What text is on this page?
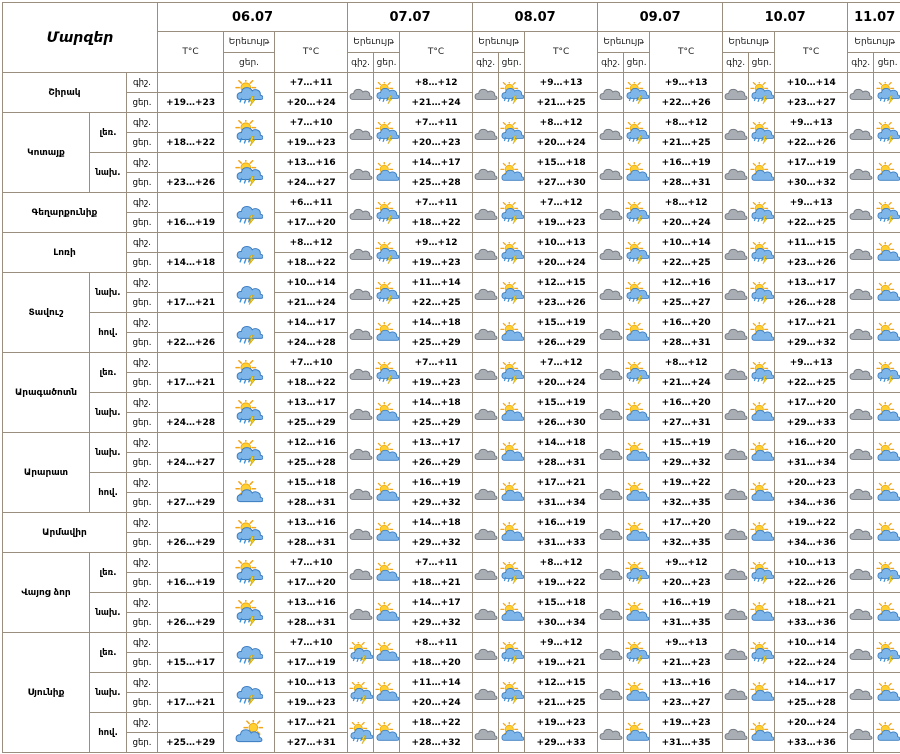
Մարզեր			06.07			07.07			08.07			09.07			10.07			11.07	
			T°C	Երեւույթ	T°C	Երեւույթ		T°C	Երեւույթ		T°C	Երեւույթ		T°C	Երեւույթ		T°C	Երեւույթ	
				ցեր.		գիշ.	ցեր.		գիշ.	ցեր.		գիշ.	ցեր.		գիշ.	ցեր.		գիշ.	ցեր.
Շիրակ		գիշ.			+7…+11			+8…+12			+9…+13			+9…+13			+10…+14	

		ցեր.	+19…+23		+20…+24			+21…+24			+21…+25			+22…+26			+23…+27		
Կոտայք	լեռ.	գիշ.			+7…+10			+7…+11			+8…+12			+8…+12			+9…+13	

		ցեր.	+18…+22		+19…+23			+20…+23			+20…+24			+21…+25			+22…+26		
	նախ.	գիշ.			+13…+16			+14…+17			+15…+18			+16…+19			+17…+19	

		ցեր.	+23…+26		+24…+27			+25…+28			+27…+30			+28…+31			+30…+32		
Գեղարքունիք		գիշ.			+6…+11			+7…+11			+7…+12			+8…+12			+9…+13	

		ցեր.	+16…+19		+17…+20			+18…+22			+19…+23			+20…+24			+22…+25		
Լոռի		գիշ.			+8…+12			+9…+12			+10…+13			+10…+14			+11…+15	

		ցեր.	+14…+18		+18…+22			+19…+23			+20…+24			+22…+25			+23…+26		
Տավուշ	նախ.	գիշ.			+10…+14			+11…+14			+12…+15			+12…+16			+13…+17	

		ցեր.	+17…+21		+21…+24			+22…+25			+23…+26			+25…+27			+26…+28		
	հով.	գիշ.			+14…+17			+14…+18			+15…+19			+16…+20			+17…+21	

		ցեր.	+22…+26		+24…+28			+25…+29			+26…+29			+28…+31			+29…+32		
Արագածոտն	լեռ.	գիշ.			+7…+10			+7…+11			+7…+12			+8…+12			+9…+13	

		ցեր.	+17…+21		+18…+22			+19…+23			+20…+24			+21…+24			+22…+25		
	նախ.	գիշ.			+13…+17			+14…+18			+15…+19			+16…+20			+17…+20	

		ցեր.	+24…+28		+25…+29			+25…+29			+26…+30			+27…+31			+29…+33		
Արարատ	նախ.	գիշ.			+12…+16			+13…+17			+14…+18			+15…+19			+16…+20	

		ցեր.	+24…+27		+25…+28			+26…+29			+28…+31			+29…+32			+31…+34		
	հով.	գիշ.			+15…+18			+16…+19			+17…+21			+19…+22			+20…+23	

		ցեր.	+27…+29		+28…+31			+29…+32			+31…+34			+32…+35			+34…+36		
Արմավիր		գիշ.			+13…+16			+14…+18			+16…+19			+17…+20			+19…+22	

		ցեր.	+26…+29		+28…+31			+29…+32			+31…+33			+32…+35			+34…+36		
Վայոց ձոր	լեռ.	գիշ.			+7…+10			+7…+11			+8…+12			+9…+12			+10…+13	

		ցեր.	+16…+19		+17…+20			+18…+21			+19…+22			+20…+23			+22…+26		
	նախ.	գիշ.			+13…+16			+14…+17			+15…+18			+16…+19			+18…+21	

		ցեր.	+26…+29		+28…+31			+29…+32			+30…+34			+31…+35			+33…+36		
Սյունիք	լեռ.	գիշ.			+7…+10			+8…+11			+9…+12			+9…+13			+10…+14	

		ցեր.	+15…+17		+17…+19			+18…+20			+19…+21			+21…+23			+22…+24		
	նախ.	գիշ.			+10…+13			+11…+14			+12…+15			+13…+16			+14…+17	

		ցեր.	+17…+21		+19…+23			+20…+24			+21…+25			+23…+27			+25…+28		
	հով.	գիշ.			+17…+21			+18…+22			+19…+23			+19…+23			+20…+24	

		ցեր.	+25…+29		+27…+31			+28…+32			+29…+33			+31…+35			+33…+36		
